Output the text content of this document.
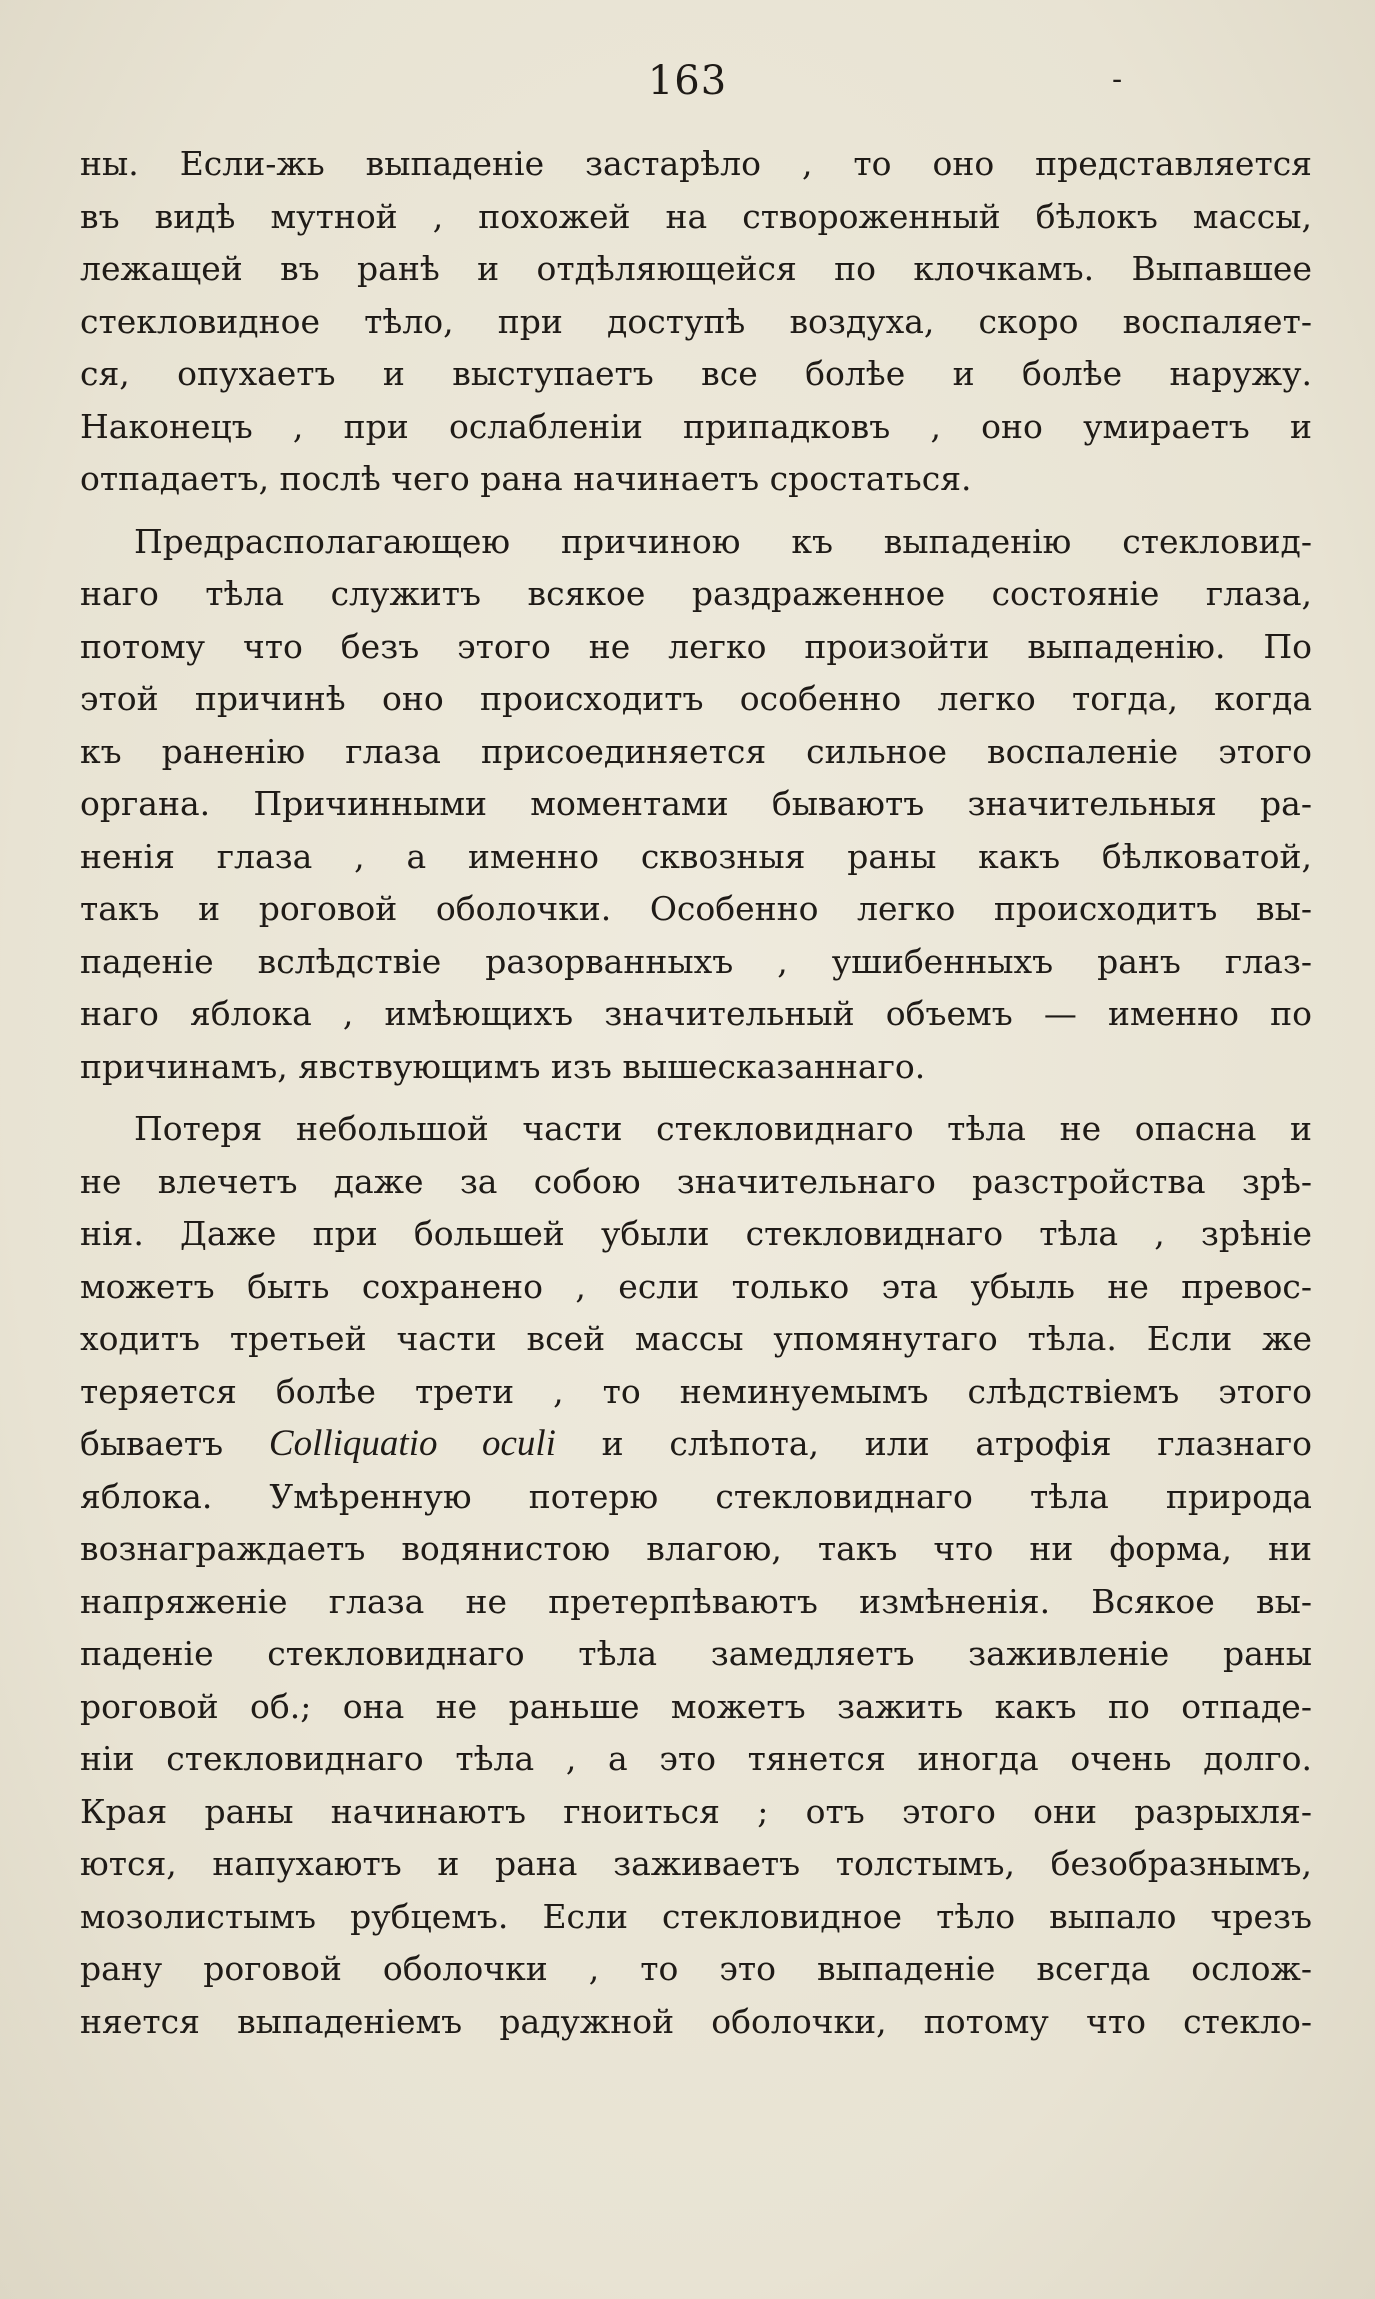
163	-
ны. Если-жь выпаденіе застарѣло , то оно представляется
въ видѣ мутной , похожей на створоженный бѣлокъ массы,
лежащей въ ранѣ и отдѣляющейся по клочкамъ. Выпавшее
стекловидное тѣло, при доступѣ воздуха, скоро воспаляет-
ся, опухаетъ и выступаетъ все болѣе и болѣе наружу.
Наконецъ , при ослабленіи припадковъ , оно умираетъ и
отпадаетъ, послѣ чего рана начинаетъ сростаться.
Предрасполагающею причиною къ выпаденію стекловид-
наго тѣла служитъ всякое раздраженное состояніе глаза,
потому что безъ этого не легко произойти выпаденію. По
этой причинѣ оно происходитъ особенно легко тогда, когда
къ раненію глаза присоединяется сильное воспаленіе этого
органа. Причинными моментами бываютъ значительныя ра-
ненія глаза , а именно сквозныя раны какъ бѣлковатой,
такъ и роговой оболочки. Особенно легко происходитъ вы-
паденіе вслѣдствіе разорванныхъ , ушибенныхъ ранъ глаз-
наго яблока , имѣющихъ значительный объемъ — именно по
причинамъ, явствующимъ изъ вышесказаннаго.
Потеря небольшой части стекловиднаго тѣла не опасна и
не влечетъ даже за собою значительнаго разстройства зрѣ-
нія. Даже при большей убыли стекловиднаго тѣла , зрѣніе
можетъ быть сохранено , если только эта убыль не превос-
ходитъ третьей части всей массы упомянутаго тѣла. Если же
теряется болѣе трети , то неминуемымъ слѣдствіемъ этого
бываетъ Colliquatio oculi и слѣпота, или атрофія глазнаго
яблока. Умѣренную потерю стекловиднаго тѣла природа
вознаграждаетъ водянистою влагою, такъ что ни форма, ни
напряженіе глаза не претерпѣваютъ измѣненія. Всякое вы-
паденіе стекловиднаго тѣла замедляетъ заживленіе раны
роговой об.; она не раньше можетъ зажить какъ по отпаде-
ніи стекловиднаго тѣла , а это тянется иногда очень долго.
Края раны начинаютъ гноиться ; отъ этого они разрыхля-
ются, напухаютъ и рана заживаетъ толстымъ, безобразнымъ,
мозолистымъ рубцемъ. Если стекловидное тѣло выпало чрезъ
рану роговой оболочки , то это выпаденіе всегда ослож-
няется выпаденіемъ радужной оболочки, потому что стекло-
